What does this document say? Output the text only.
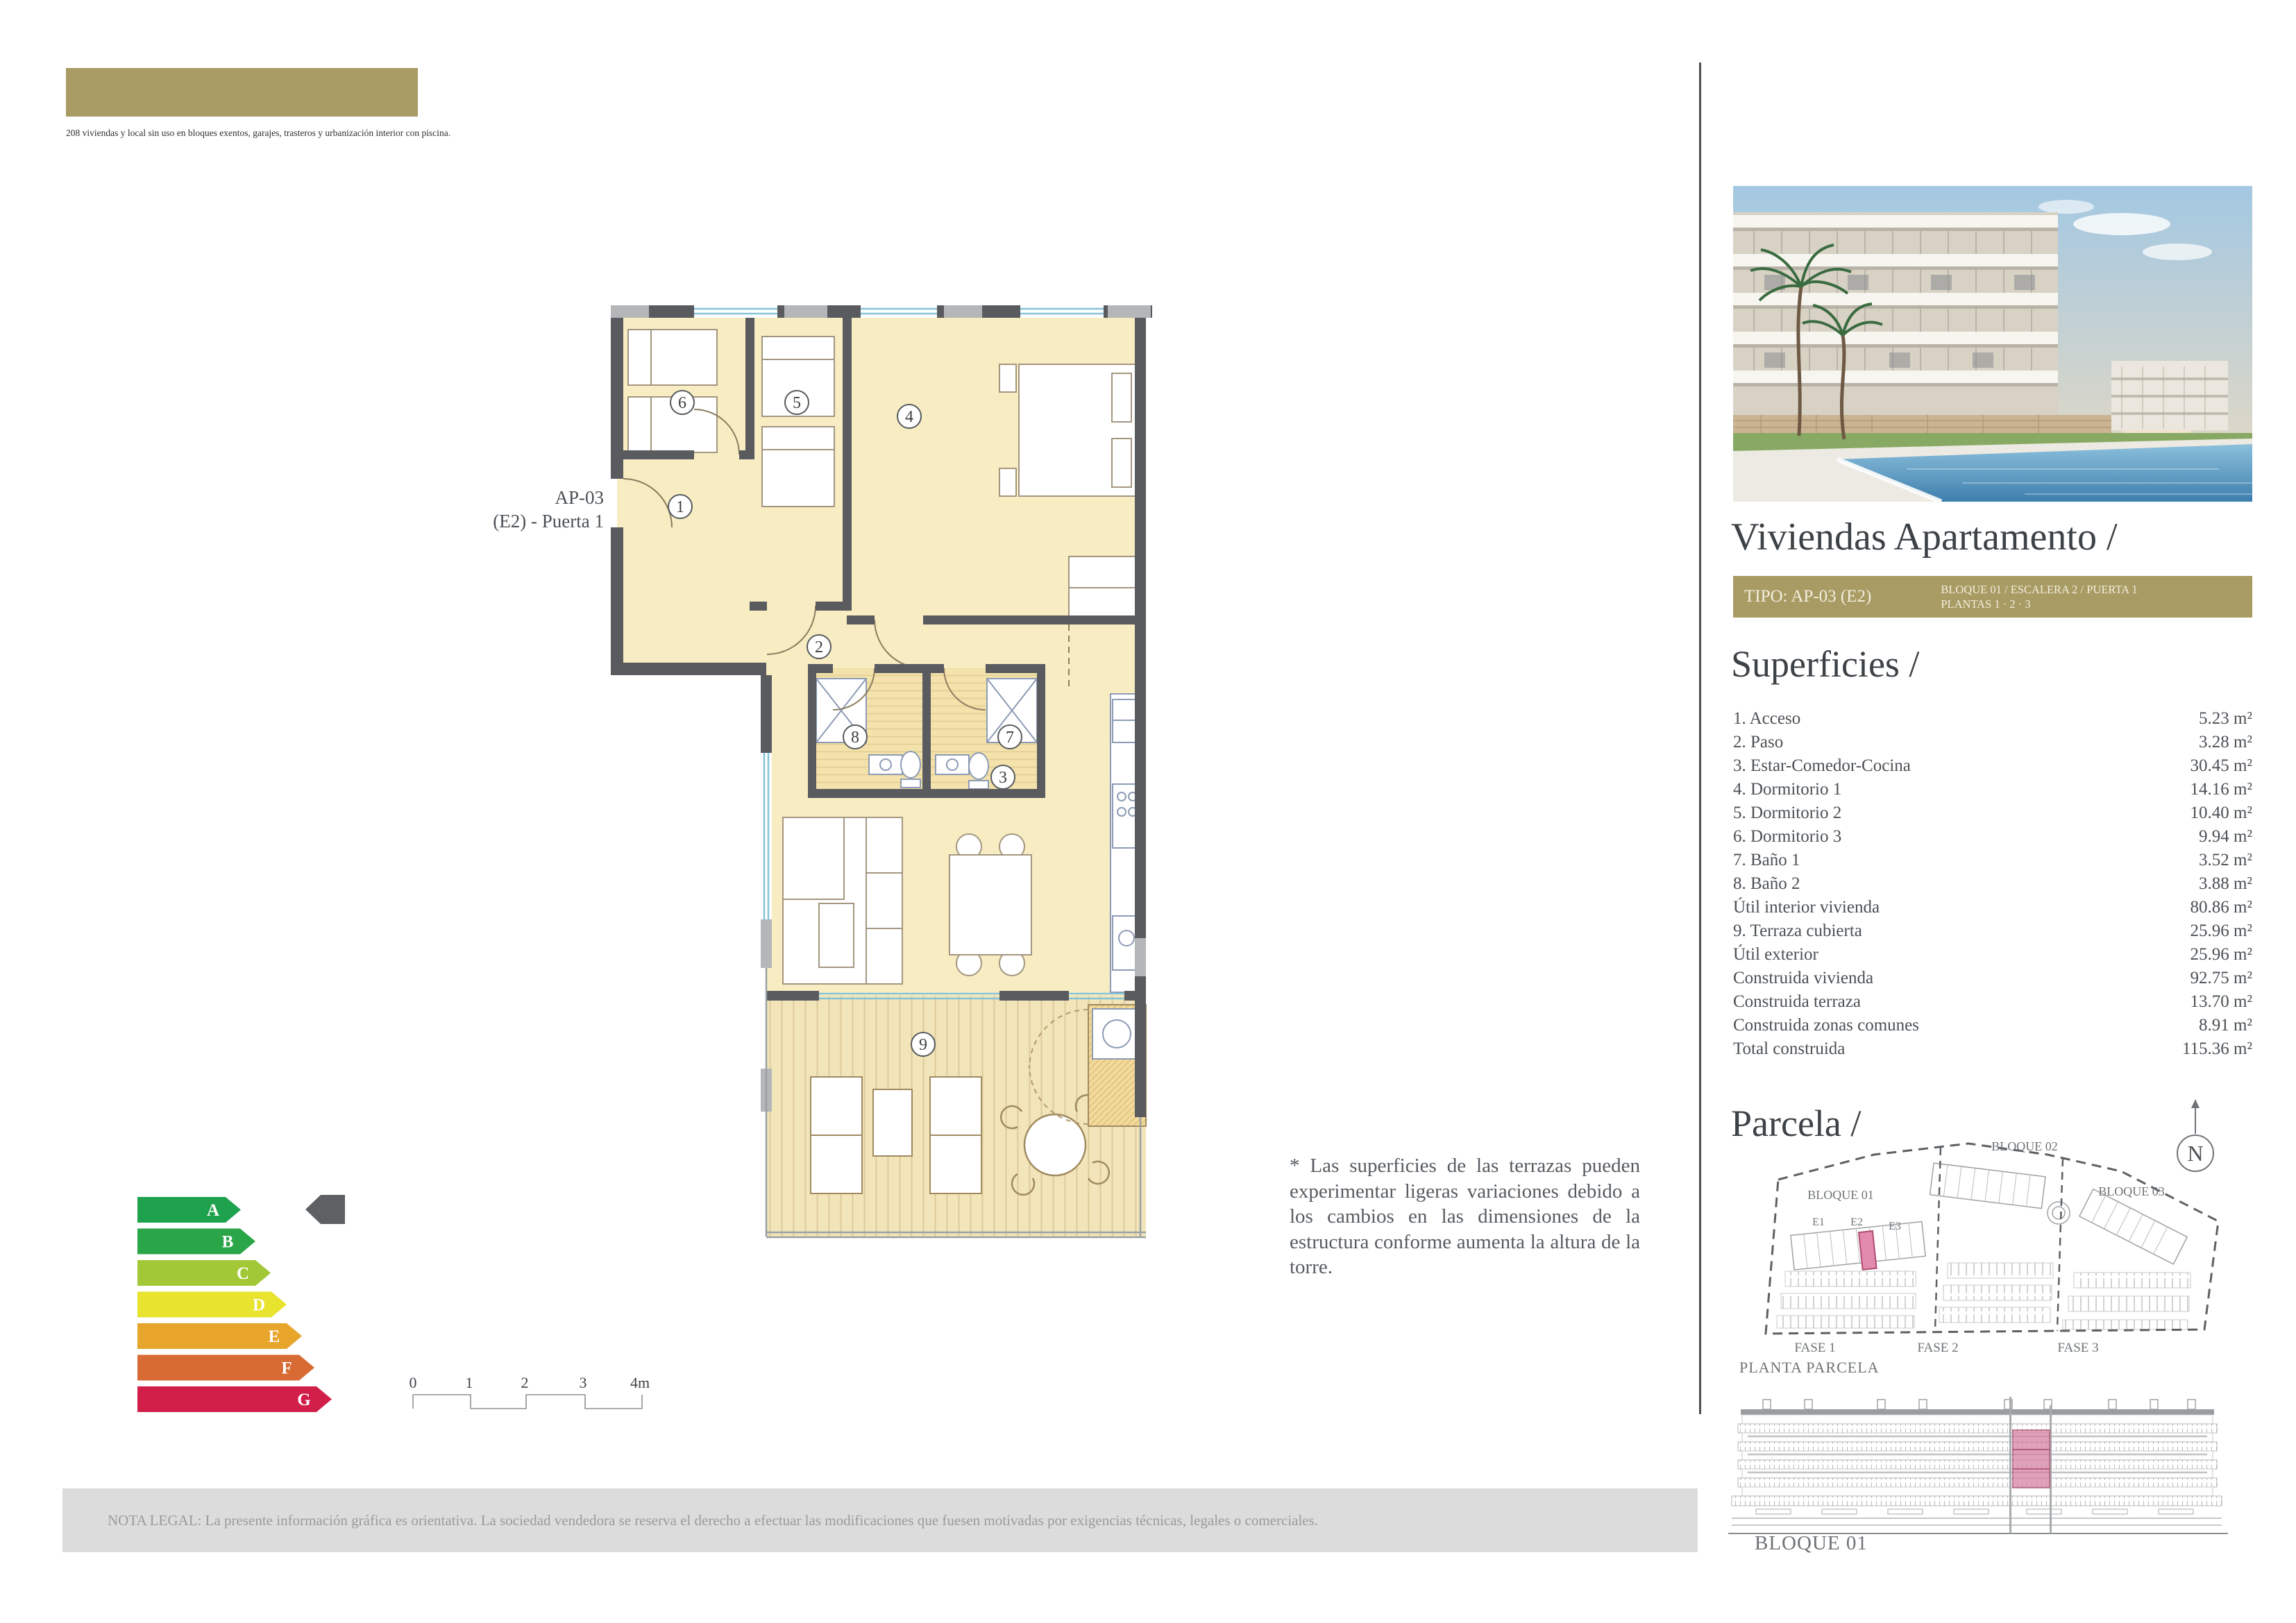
208 viviendas y local sin uso en bloques exentos, garajes, trasteros y urbanización interior con piscina.
AP-03
(E2) - Puerta 1
1
2
3
4
5
6
7
8
9
A
B
C
D
E
F
G
0	1	2	3	4m
* Las superficies de las terrazas pueden experimentar ligeras variaciones debido a los cambios en las dimensiones de la estructura conforme aumenta la altura de la torre.
NOTA LEGAL: La presente información gráfica es orientativa. La sociedad vendedora se reserva el derecho a efectuar las modificaciones que fuesen motivadas por exigencias técnicas, legales o comerciales.
Viviendas Apartamento /
TIPO: AP-03 (E2)	BLOQUE 01 / ESCALERA 2 / PUERTA 1
PLANTAS 1 · 2 · 3
Superficies /
1. Acceso	5.23 m²
2. Paso	3.28 m²
3. Estar-Comedor-Cocina	30.45 m²
4. Dormitorio 1	14.16 m²
5. Dormitorio 2	10.40 m²
6. Dormitorio 3	9.94 m²
7. Baño 1	3.52 m²
8. Baño 2	3.88 m²
Útil interior vivienda	80.86 m²
9. Terraza cubierta	25.96 m²
Útil exterior	25.96 m²
Construida vivienda	92.75 m²
Construida terraza	13.70 m²
Construida zonas comunes	8.91 m²
Total construida	115.36 m²
Parcela /
BLOQUE 02
BLOQUE 01	BLOQUE 03
E1 E2 E3
FASE 1	FASE 2	FASE 3
N
PLANTA PARCELA
BLOQUE 01
